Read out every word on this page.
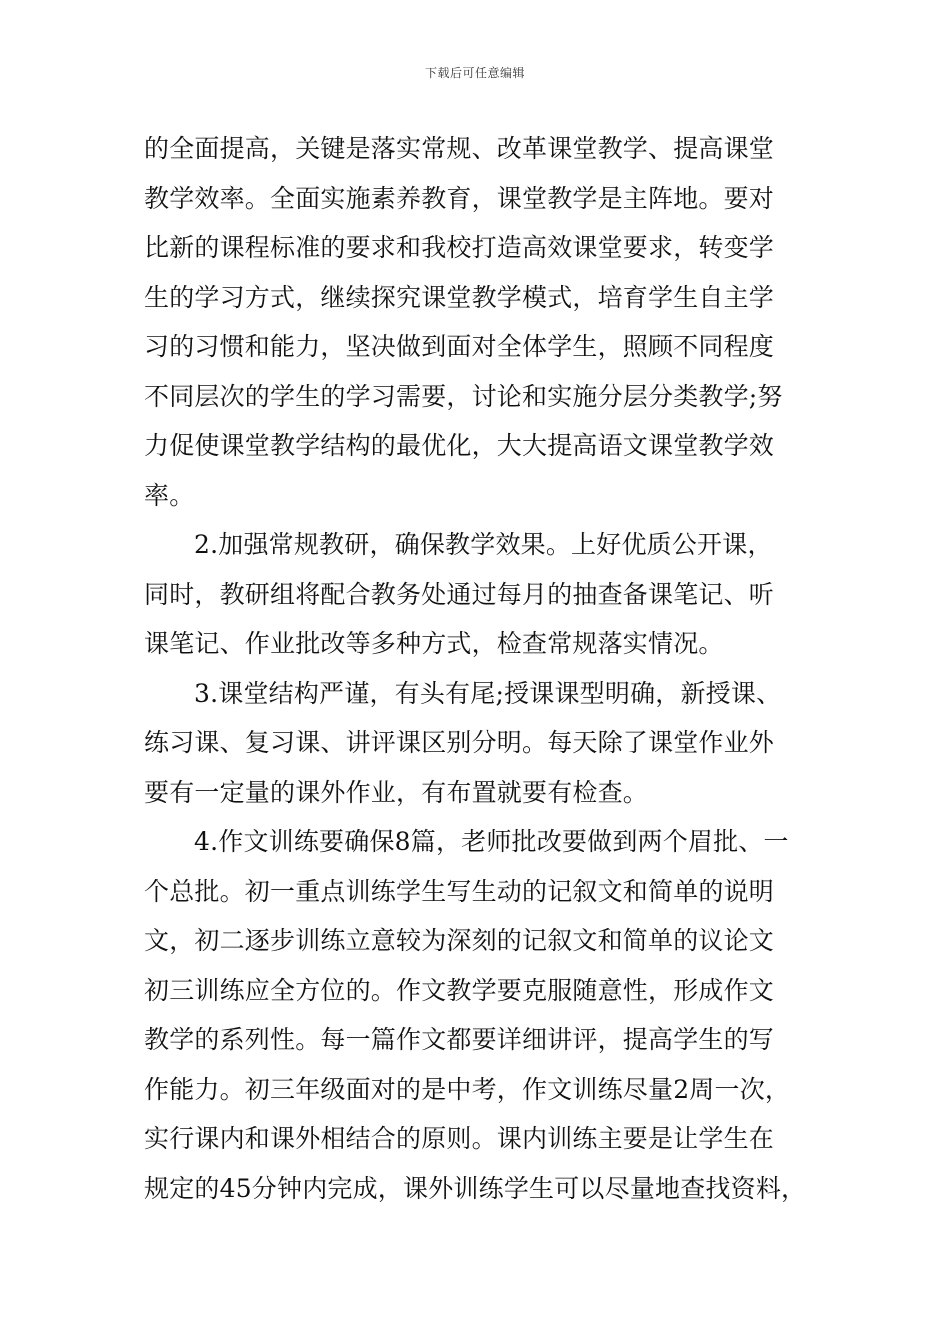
下载后可任意编辑
的全面提高，关键是落实常规、改革课堂教学、提高课堂
教学效率。全面实施素养教育，课堂教学是主阵地。要对
比新的课程标准的要求和我校打造高效课堂要求，转变学
生的学习方式，继续探究课堂教学模式，培育学生自主学
习的习惯和能力，坚决做到面对全体学生，照顾不同程度
不同层次的学生的学习需要，讨论和实施分层分类教学;努
力促使课堂教学结构的最优化，大大提高语文课堂教学效
率。
2.加强常规教研，确保教学效果。上好优质公开课，
同时，教研组将配合教务处通过每月的抽查备课笔记、听
课笔记、作业批改等多种方式，检查常规落实情况。
3.课堂结构严谨，有头有尾;授课课型明确，新授课、
练习课、复习课、讲评课区别分明。每天除了课堂作业外
要有一定量的课外作业，有布置就要有检查。
4.作文训练要确保8篇，老师批改要做到两个眉批、一
个总批。初一重点训练学生写生动的记叙文和简单的说明
文，初二逐步训练立意较为深刻的记叙文和简单的议论文
初三训练应全方位的。作文教学要克服随意性，形成作文
教学的系列性。每一篇作文都要详细讲评，提高学生的写
作能力。初三年级面对的是中考，作文训练尽量2周一次，
实行课内和课外相结合的原则。课内训练主要是让学生在
规定的45分钟内完成，课外训练学生可以尽量地查找资料，
